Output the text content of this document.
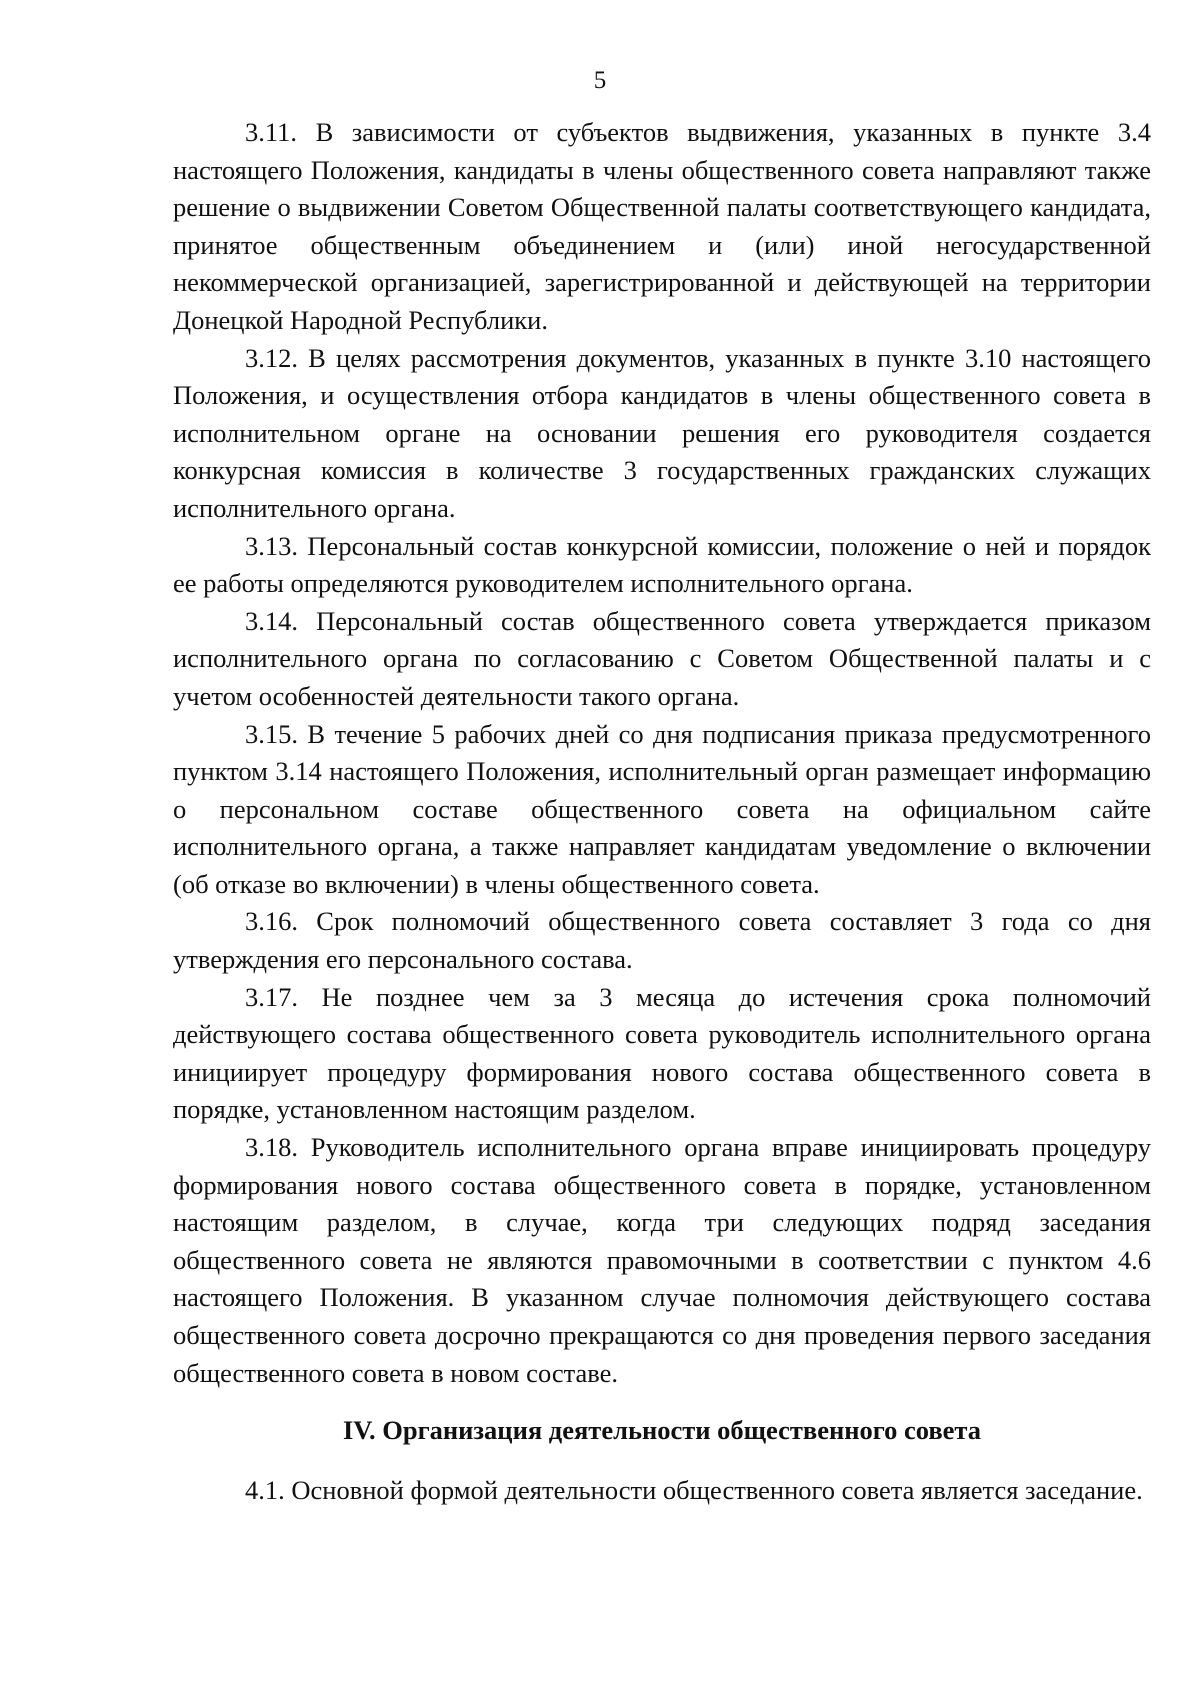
5

3.11. В зависимости от субъектов выдвижения, указанных в пункте 3.4 настоящего Положения, кандидаты в члены общественного совета направляют также решение о выдвижении Советом Общественной палаты соответствующего кандидата, принятое общественным объединением и (или) иной негосударственной некоммерческой организацией, зарегистрированной и действующей на территории Донецкой Народной Республики.

3.12. В целях рассмотрения документов, указанных в пункте 3.10 настоящего Положения, и осуществления отбора кандидатов в члены общественного совета в исполнительном органе на основании решения его руководителя создается конкурсная комиссия в количестве 3 государственных гражданских служащих исполнительного органа.

3.13. Персональный состав конкурсной комиссии, положение о ней и порядок ее работы определяются руководителем исполнительного органа.

3.14. Персональный состав общественного совета утверждается приказом исполнительного органа по согласованию с Советом Общественной палаты и с учетом особенностей деятельности такого органа.

3.15. В течение 5 рабочих дней со дня подписания приказа предусмотренного пунктом 3.14 настоящего Положения, исполнительный орган размещает информацию о персональном составе общественного совета на официальном сайте исполнительного органа, а также направляет кандидатам уведомление о включении (об отказе во включении) в члены общественного совета.

3.16. Срок полномочий общественного совета составляет 3 года со дня утверждения его персонального состава.

3.17. Не позднее чем за 3 месяца до истечения срока полномочий действующего состава общественного совета руководитель исполнительного органа инициирует процедуру формирования нового состава общественного совета в порядке, установленном настоящим разделом.

3.18. Руководитель исполнительного органа вправе инициировать процедуру формирования нового состава общественного совета в порядке, установленном настоящим разделом, в случае, когда три следующих подряд заседания общественного совета не являются правомочными в соответствии с пунктом 4.6 настоящего Положения. В указанном случае полномочия действующего состава общественного совета досрочно прекращаются со дня проведения первого заседания общественного совета в новом составе.

IV. Организация деятельности общественного совета

4.1. Основной формой деятельности общественного совета является заседание.
